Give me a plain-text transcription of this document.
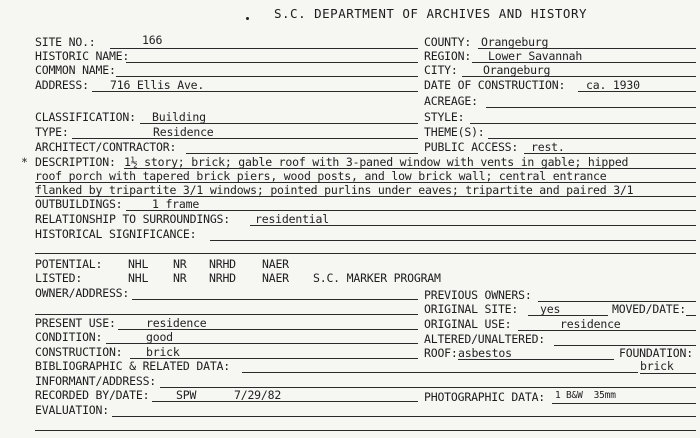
S.C. DEPARTMENT OF ARCHIVES AND HISTORY
SITE NO.:	166	COUNTY: Orangeburg
HISTORIC NAME:	REGION: Lower Savannah
COMMON NAME:	CITY: Orangeburg
ADDRESS: 716 Ellis Ave.	DATE OF CONSTRUCTION: ca. 1930
ACREAGE:
CLASSIFICATION: Building	STYLE:
TYPE:	Residence	THEME(S):
ARCHITECT/CONTRACTOR:	PUBLIC ACCESS: rest.
* DESCRIPTION: 1½ story; brick; gable roof with 3-paned window with vents in gable; hipped
roof porch with tapered brick piers, wood posts, and low brick wall; central entrance
flanked by tripartite 3/1 windows; pointed purlins under eaves; tripartite and paired 3/1
OUTBUILDINGS:	1 frame
RELATIONSHIP TO SURROUNDINGS: residential
HISTORICAL SIGNIFICANCE:
POTENTIAL: NHL NR NRHD NAER
LISTED:	NHL NR NRHD NAER S.C. MARKER PROGRAM
OWNER/ADDRESS:	PREVIOUS OWNERS:
ORIGINAL SITE: yes	MOVED/DATE:
PRESENT USE:	residence	ORIGINAL USE:	residence
CONDITION:	good	ALTERED/UNALTERED:
CONSTRUCTION: brick	ROOF: asbestos	FOUNDATION:
brick
BIBLIOGRAPHIC & RELATED DATA:
INFORMANT/ADDRESS:
RECORDED BY/DATE: SPW	7/29/82	PHOTOGRAPHIC DATA: 1 B&W  35mm
EVALUATION:
